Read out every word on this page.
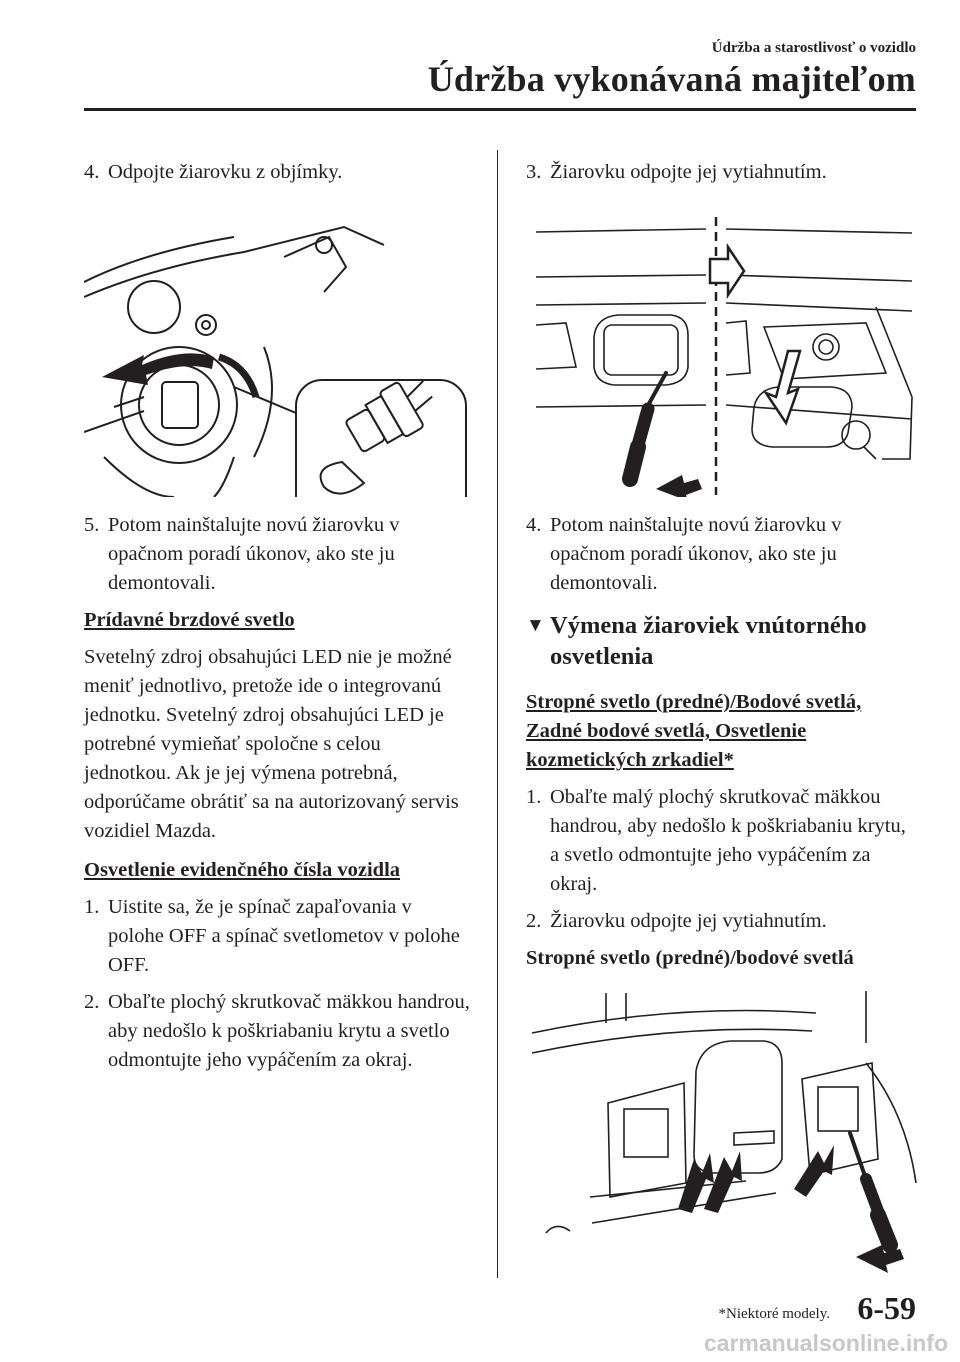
Údržba a starostlivosť o vozidlo
Údržba vykonávaná majiteľom
4. Odpojte žiarovku z objímky.
5. Potom nainštalujte novú žiarovku v opačnom poradí úkonov, ako ste ju demontovali.
Prídavné brzdové svetlo
Svetelný zdroj obsahujúci LED nie je možné meniť jednotlivo, pretože ide o integrovanú jednotku. Svetelný zdroj obsahujúci LED je potrebné vymieňať spoločne s celou jednotkou. Ak je jej výmena potrebná, odporúčame obrátiť sa na autorizovaný servis vozidiel Mazda.
Osvetlenie evidenčného čísla vozidla
1. Uistite sa, že je spínač zapaľovania v polohe OFF a spínač svetlometov v polohe OFF.
2. Obaľte plochý skrutkovač mäkkou handrou, aby nedošlo k poškriabaniu krytu a svetlo odmontujte jeho vypáčením za okraj.
3. Žiarovku odpojte jej vytiahnutím.
4. Potom nainštalujte novú žiarovku v opačnom poradí úkonov, ako ste ju demontovali.
▼ Výmena žiaroviek vnútorného osvetlenia
Stropné svetlo (predné)/Bodové svetlá, Zadné bodové svetlá, Osvetlenie kozmetických zrkadiel*
1. Obaľte malý plochý skrutkovač mäkkou handrou, aby nedošlo k poškriabaniu krytu, a svetlo odmontujte jeho vypáčením za okraj.
2. Žiarovku odpojte jej vytiahnutím.
Stropné svetlo (predné)/bodové svetlá
*Niektoré modely. 6-59
carmanualsonline.info
